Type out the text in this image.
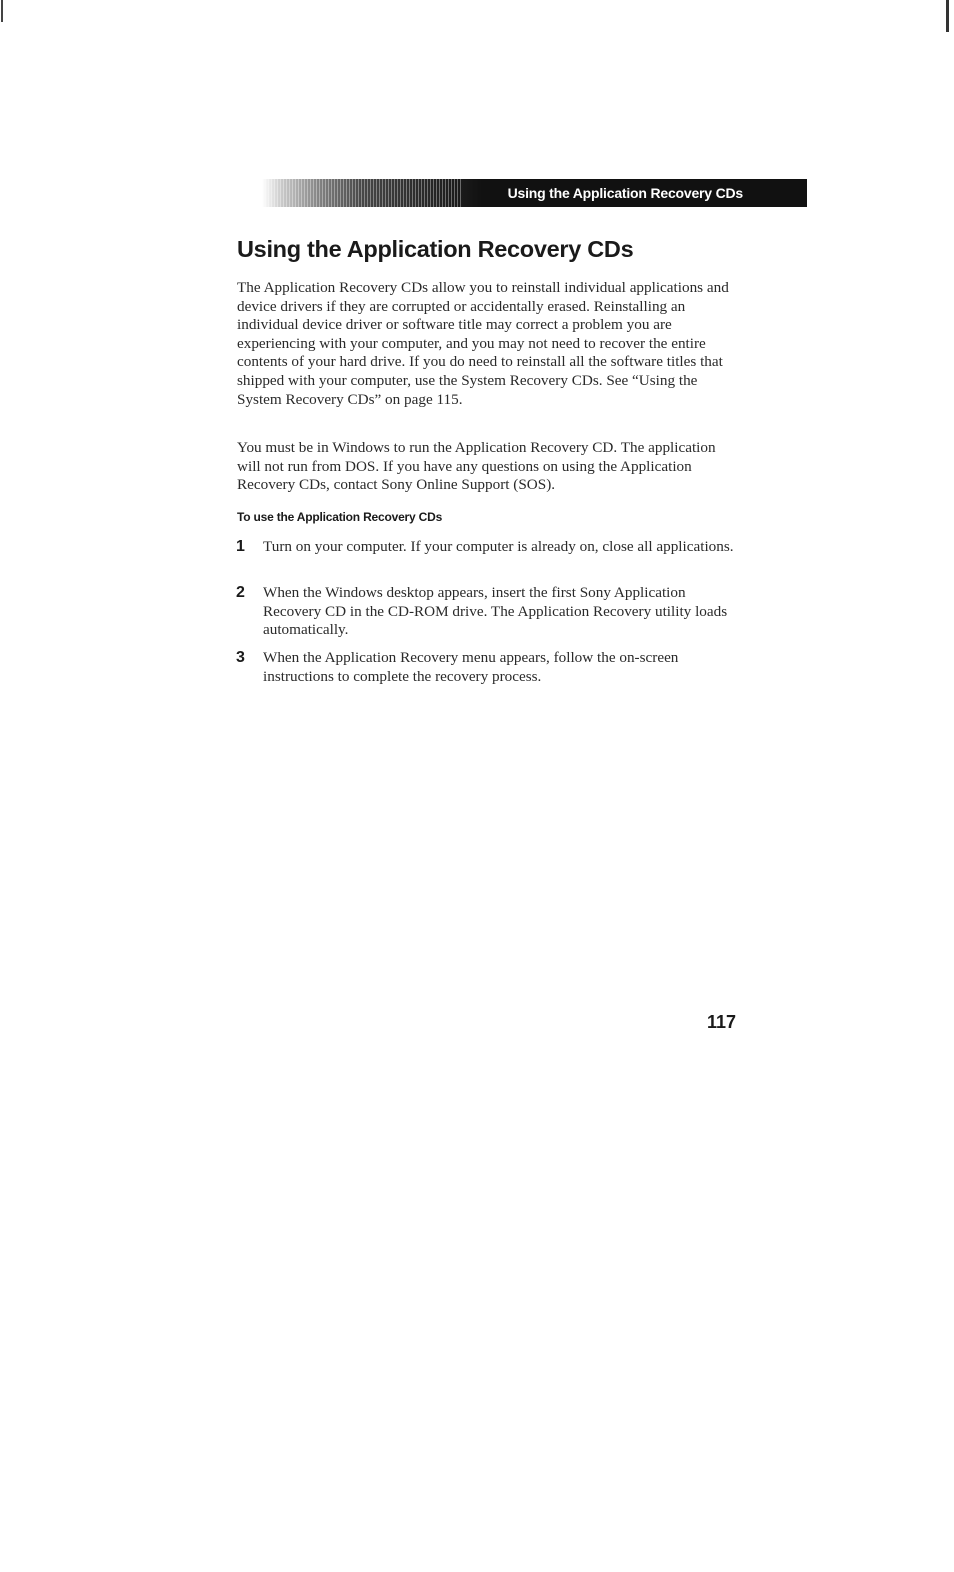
Using the Application Recovery CDs
Using the Application Recovery CDs

The Application Recovery CDs allow you to reinstall individual applications and device drivers if they are corrupted or accidentally erased. Reinstalling an individual device driver or software title may correct a problem you are experiencing with your computer, and you may not need to recover the entire contents of your hard drive. If you do need to reinstall all the software titles that shipped with your computer, use the System Recovery CDs. See “Using the System Recovery CDs” on page 115.

You must be in Windows to run the Application Recovery CD. The application will not run from DOS. If you have any questions on using the Application Recovery CDs, contact Sony Online Support (SOS).

To use the Application Recovery CDs
1 Turn on your computer. If your computer is already on, close all applications.

2 When the Windows desktop appears, insert the first Sony Application Recovery CD in the CD-ROM drive. The Application Recovery utility loads automatically.

3 When the Application Recovery menu appears, follow the on-screen instructions to complete the recovery process.

117
